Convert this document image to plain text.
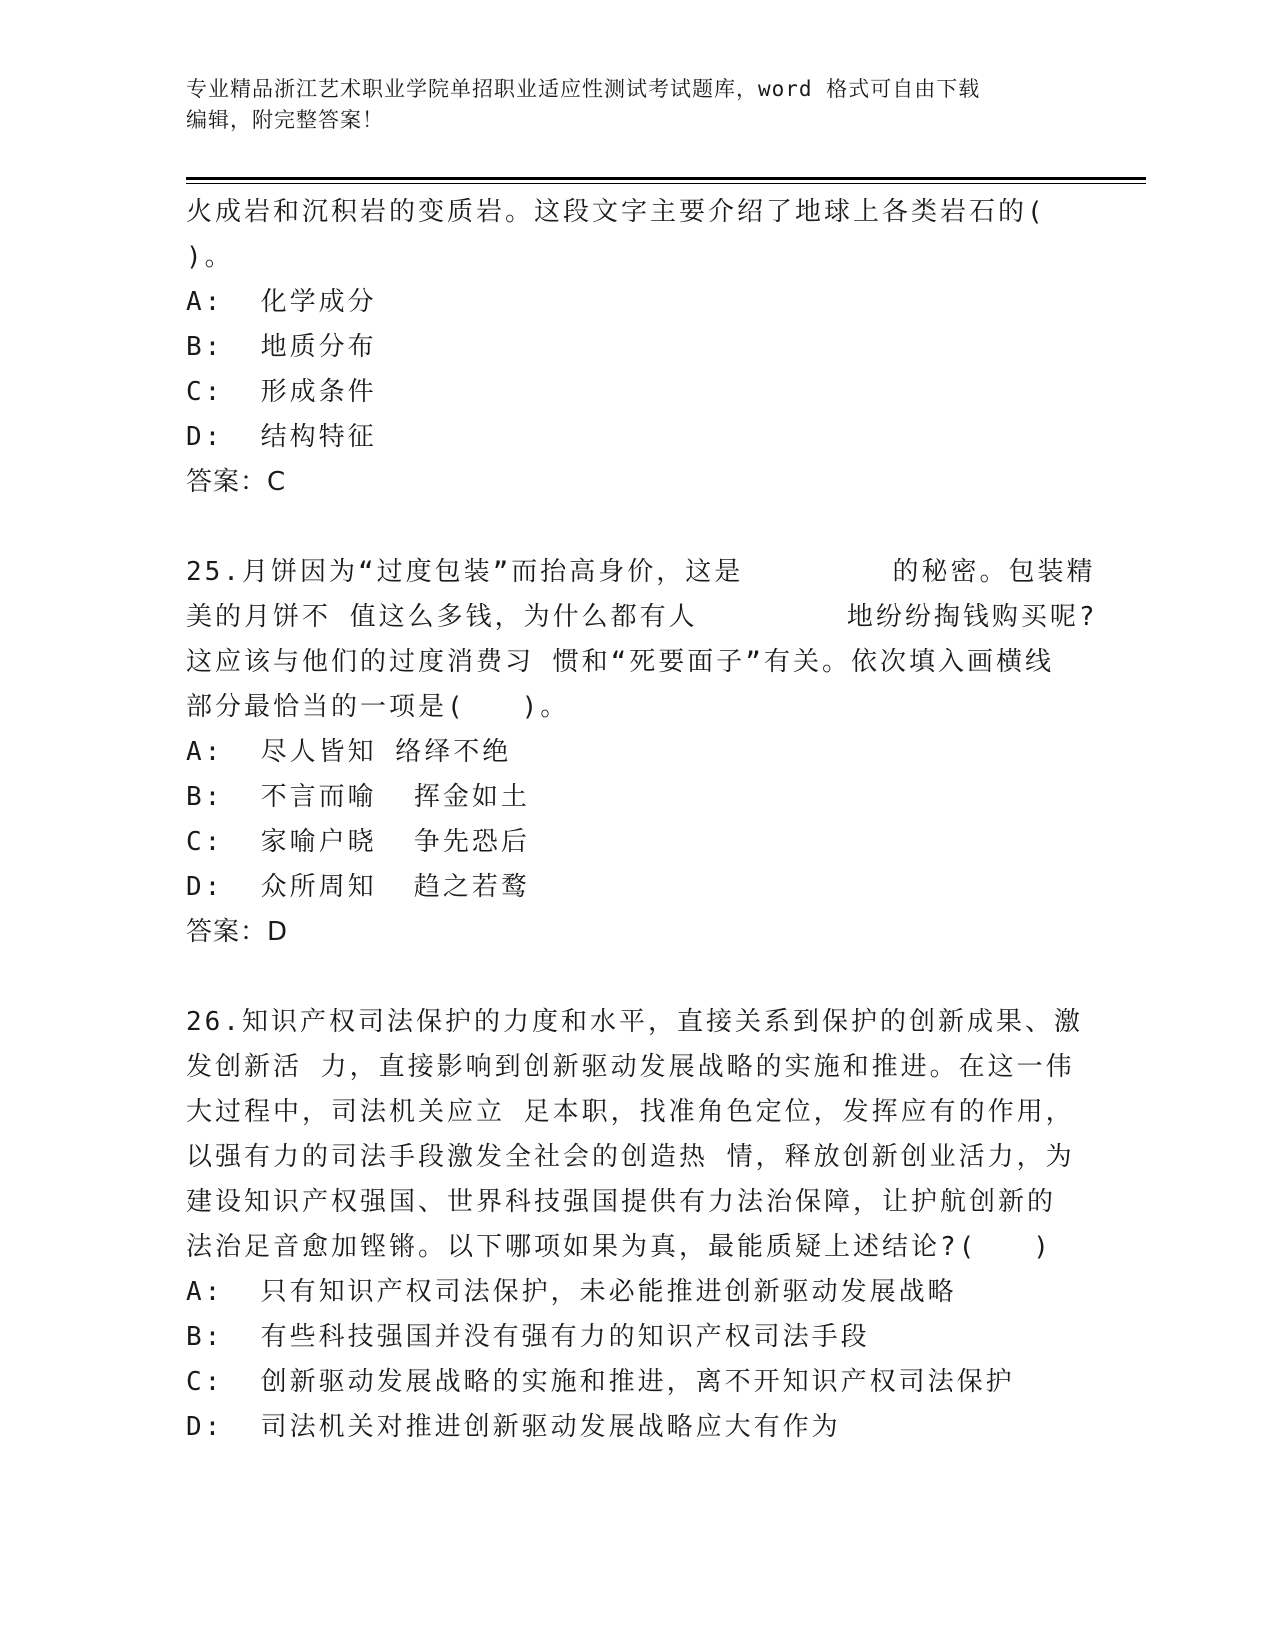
专业精品浙江艺术职业学院单招职业适应性测试考试题库，word 格式可自由下载
编辑，附完整答案！
火成岩和沉积岩的变质岩。这段文字主要介绍了地球上各类岩石的(
)。
A:  化学成分
B:  地质分布
C:  形成条件
D:  结构特征
答案：C
25.月饼因为“过度包装”而抬高身价，这是        的秘密。包装精
美的月饼不 值这么多钱，为什么都有人        地纷纷掏钱购买呢?
这应该与他们的过度消费习 惯和“死要面子”有关。依次填入画横线
部分最恰当的一项是(   )。
A:  尽人皆知 络绎不绝
B:  不言而喻  挥金如土
C:  家喻户晓  争先恐后
D:  众所周知  趋之若鹜
答案：D
26.知识产权司法保护的力度和水平，直接关系到保护的创新成果、激
发创新活 力，直接影响到创新驱动发展战略的实施和推进。在这一伟
大过程中，司法机关应立 足本职，找准角色定位，发挥应有的作用，
以强有力的司法手段激发全社会的创造热 情，释放创新创业活力，为
建设知识产权强国、世界科技强国提供有力法治保障，让护航创新的
法治足音愈加铿锵。以下哪项如果为真，最能质疑上述结论?(   )
A:  只有知识产权司法保护，未必能推进创新驱动发展战略
B:  有些科技强国并没有强有力的知识产权司法手段
C:  创新驱动发展战略的实施和推进，离不开知识产权司法保护
D:  司法机关对推进创新驱动发展战略应大有作为
